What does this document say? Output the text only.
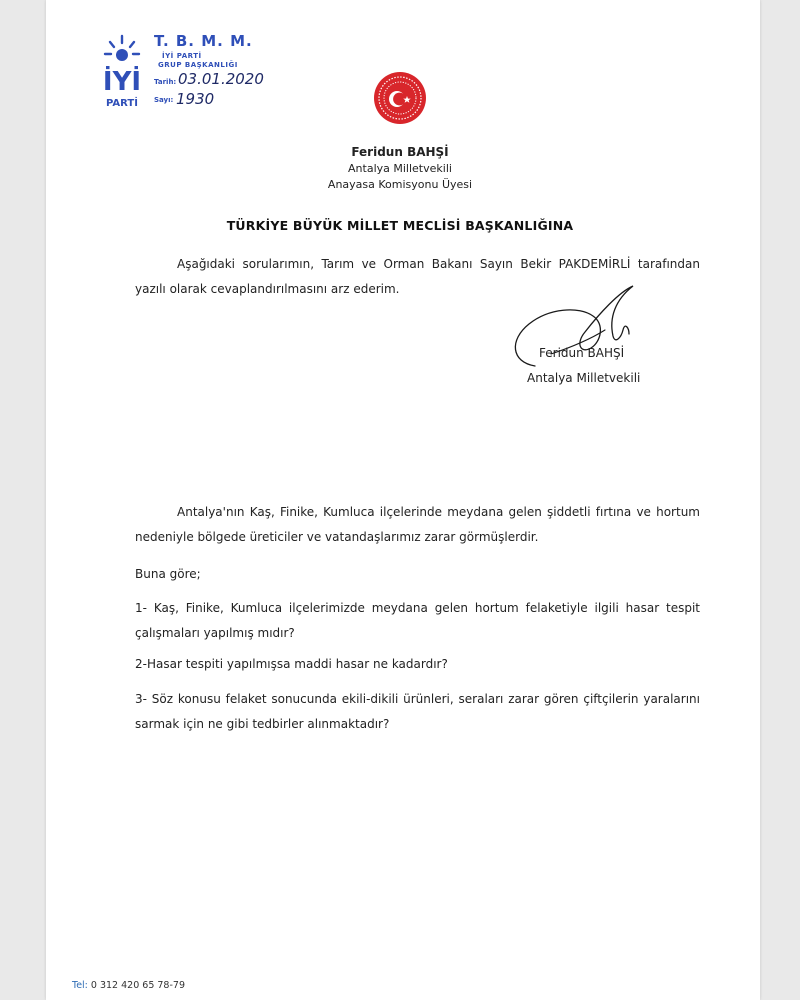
İYİ
PARTİ
T. B. M. M.
İYİ PARTİ
GRUP BAŞKANLIĞI
Tarih: 03.01.2020
Sayı: 1930
Feridun BAHŞİ
Antalya Milletvekili
Anayasa Komisyonu Üyesi
TÜRKİYE BÜYÜK MİLLET MECLİSİ BAŞKANLIĞINA
Aşağıdaki sorularımın, Tarım ve Orman Bakanı Sayın Bekir PAKDEMİRLİ tarafından yazılı olarak cevaplandırılmasını arz ederim.
Feridun BAHŞİ
Antalya Milletvekili
Antalya'nın Kaş, Finike, Kumluca ilçelerinde meydana gelen şiddetli fırtına ve hortum nedeniyle bölgede üreticiler ve vatandaşlarımız zarar görmüşlerdir.
Buna göre;
1- Kaş, Finike, Kumluca ilçelerimizde meydana gelen hortum felaketiyle ilgili hasar tespit çalışmaları yapılmış mıdır?
2-Hasar tespiti yapılmışsa maddi hasar ne kadardır?
3- Söz konusu felaket sonucunda ekili-dikili ürünleri, seraları zarar gören çiftçilerin yaralarını sarmak için ne gibi tedbirler alınmaktadır?
Tel: 0 312 420 65 78-79
